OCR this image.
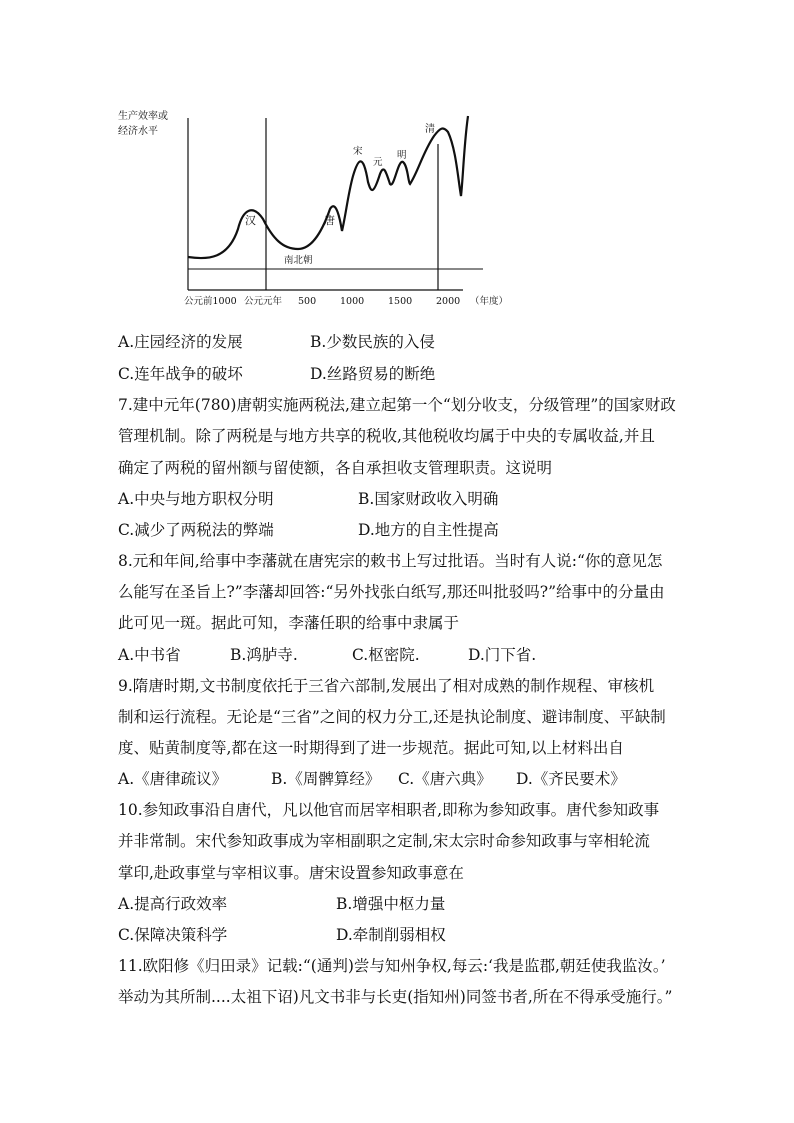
生产效率或
经济水平
汉
南北朝
唐
宋
元
明
清
公元前1000 公元元年 500	1000	1500	2000 （年度）
A.庄园经济的发展	B.少数民族的入侵
C.连年战争的破坏	D.丝路贸易的断绝
7.建中元年(780)唐朝实施两税法,建立起第一个“划分收支，分级管理”的国家财政
管理机制。除了两税是与地方共享的税收,其他税收均属于中央的专属收益,并且
确定了两税的留州额与留使额，各自承担收支管理职责。这说明
A.中央与地方职权分明	B.国家财政收入明确
C.减少了两税法的弊端	D.地方的自主性提高
8.元和年间,给事中李藩就在唐宪宗的敕书上写过批语。当时有人说:“你的意见怎
么能写在圣旨上?”李藩却回答:“另外找张白纸写,那还叫批驳吗?”给事中的分量由
此可见一斑。据此可知，李藩任职的给事中隶属于
A.中书省	B.鸿胪寺.	C.枢密院.	D.门下省.
9.隋唐时期,文书制度依托于三省六部制,发展出了相对成熟的制作规程、审核机
制和运行流程。无论是“三省”之间的权力分工,还是执论制度、避讳制度、平缺制
度、贴黄制度等,都在这一时期得到了进一步规范。据此可知,以上材料出自
A.《唐律疏议》	B.《周髀算经》 C.《唐六典》 D.《齐民要术》
10.参知政事沿自唐代，凡以他官而居宰相职者,即称为参知政事。唐代参知政事
并非常制。宋代参知政事成为宰相副职之定制,宋太宗时命参知政事与宰相轮流
掌印,赴政事堂与宰相议事。唐宋设置参知政事意在
A.提高行政效率	B.增强中枢力量
C.保障决策科学	D.牵制削弱相权
11.欧阳修《归田录》记载:“(通判)尝与知州争权,每云:‘我是监郡,朝廷使我监汝。’
举动为其所制....太祖下诏)凡文书非与长吏(指知州)同签书者,所在不得承受施行。”
